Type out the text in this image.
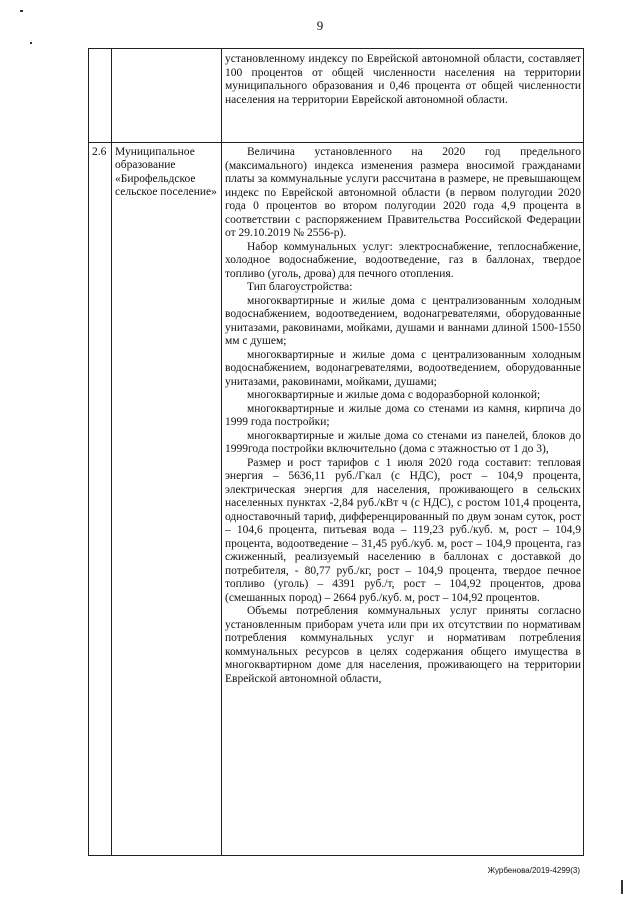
9

установленному индексу по Еврейской автономной области, составляет 100 процентов от общей численности населения на территории муниципального образования и 0,46 процента от общей численности населения на территории Еврейской автономной области.

2.6 Муниципальное образование «Бирофельдское сельское поселение»

Величина установленного на 2020 год предельного (максимального) индекса изменения размера вносимой гражданами платы за коммунальные услуги рассчитана в размере, не превышающем индекс по Еврейской автономной области (в первом полугодии 2020 года 0 процентов во втором полугодии 2020 года 4,9 процента в соответствии с распоряжением Правительства Российской Федерации от 29.10.2019 № 2556-р).

Набор коммунальных услуг: электроснабжение, теплоснабжение, холодное водоснабжение, водоотведение, газ в баллонах, твердое топливо (уголь, дрова) для печного отопления.

Тип благоустройства:

многоквартирные и жилые дома с централизованным холодным водоснабжением, водоотведением, водонагревателями, оборудованные унитазами, раковинами, мойками, душами и ваннами длиной 1500-1550 мм с душем;

многоквартирные и жилые дома с централизованным холодным водоснабжением, водонагревателями, водоотведением, оборудованные унитазами, раковинами, мойками, душами;

многоквартирные и жилые дома с водоразборной колонкой;

многоквартирные и жилые дома со стенами из камня, кирпича до 1999 года постройки;

многоквартирные и жилые дома со стенами из панелей, блоков до 1999года постройки включительно (дома с этажностью от 1 до 3),

Размер и рост тарифов с 1 июля 2020 года составит: тепловая энергия – 5636,11 руб./Гкал (с НДС), рост – 104,9 процента, электрическая энергия для населения, проживающего в сельских населенных пунктах -2,84 руб./кВт ч (с НДС), с ростом 101,4 процента, одноставочный тариф, дифференцированный по двум зонам суток, рост – 104,6 процента, питьевая вода – 119,23 руб./куб. м, рост – 104,9 процента, водоотведение – 31,45 руб./куб. м, рост – 104,9 процента, газ сжиженный, реализуемый населению в баллонах с доставкой до потребителя, - 80,77 руб./кг, рост – 104,9 процента, твердое печное топливо (уголь) – 4391 руб./т, рост – 104,92 процентов, дрова (смешанных пород) – 2664 руб./куб. м, рост – 104,92 процентов.

Объемы потребления коммунальных услуг приняты согласно установленным приборам учета или при их отсутствии по нормативам потребления коммунальных услуг и нормативам потребления коммунальных ресурсов в целях содержания общего имущества в многоквартирном доме для населения, проживающего на территории Еврейской автономной области,

Журбенова/2019-4299(3)
